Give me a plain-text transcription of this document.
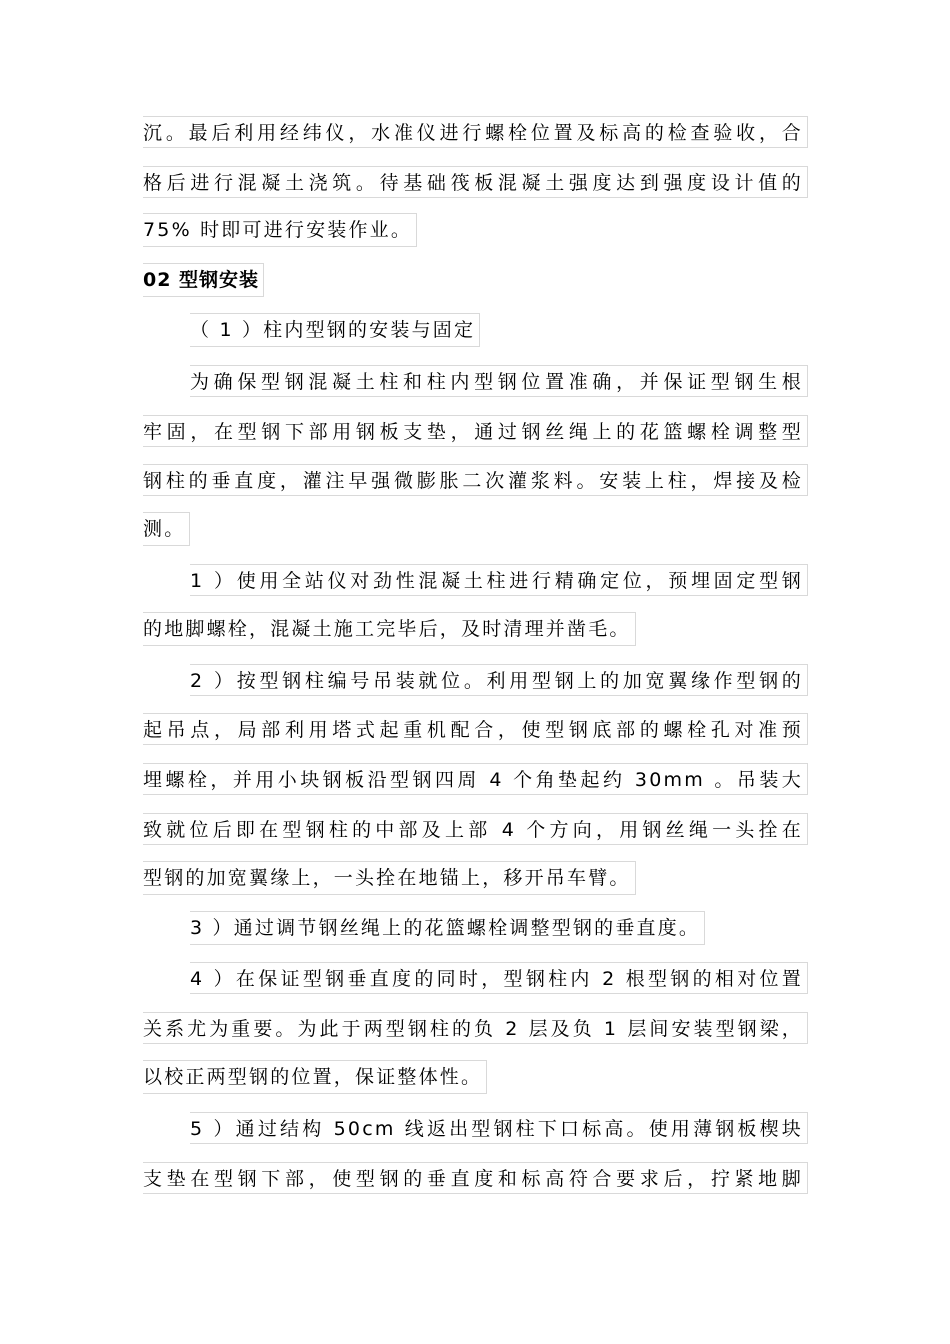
沉。最后利用经纬仪，水准仪进行螺栓位置及标高的检查验收，合
格后进行混凝土浇筑。待基础筏板混凝土强度达到强度设计值的
75% 时即可进行安装作业。
02 型钢安装
（ 1 ）柱内型钢的安装与固定
为确保型钢混凝土柱和柱内型钢位置准确，并保证型钢生根
牢固，在型钢下部用钢板支垫，通过钢丝绳上的花篮螺栓调整型
钢柱的垂直度，灌注早强微膨胀二次灌浆料。安装上柱，焊接及检
测。
1 ）使用全站仪对劲性混凝土柱进行精确定位，预埋固定型钢
的地脚螺栓，混凝土施工完毕后，及时清理并凿毛。
2 ）按型钢柱编号吊装就位。利用型钢上的加宽翼缘作型钢的
起吊点，局部利用塔式起重机配合，使型钢底部的螺栓孔对准预
埋螺栓，并用小块钢板沿型钢四周 4 个角垫起约 30mm 。吊装大
致就位后即在型钢柱的中部及上部 4 个方向，用钢丝绳一头拴在
型钢的加宽翼缘上，一头拴在地锚上，移开吊车臂。
3 ）通过调节钢丝绳上的花篮螺栓调整型钢的垂直度。
4 ）在保证型钢垂直度的同时，型钢柱内 2 根型钢的相对位置
关系尤为重要。为此于两型钢柱的负 2 层及负 1 层间安装型钢梁，
以校正两型钢的位置，保证整体性。
5 ）通过结构 50cm 线返出型钢柱下口标高。使用薄钢板楔块
支垫在型钢下部，使型钢的垂直度和标高符合要求后，拧紧地脚
